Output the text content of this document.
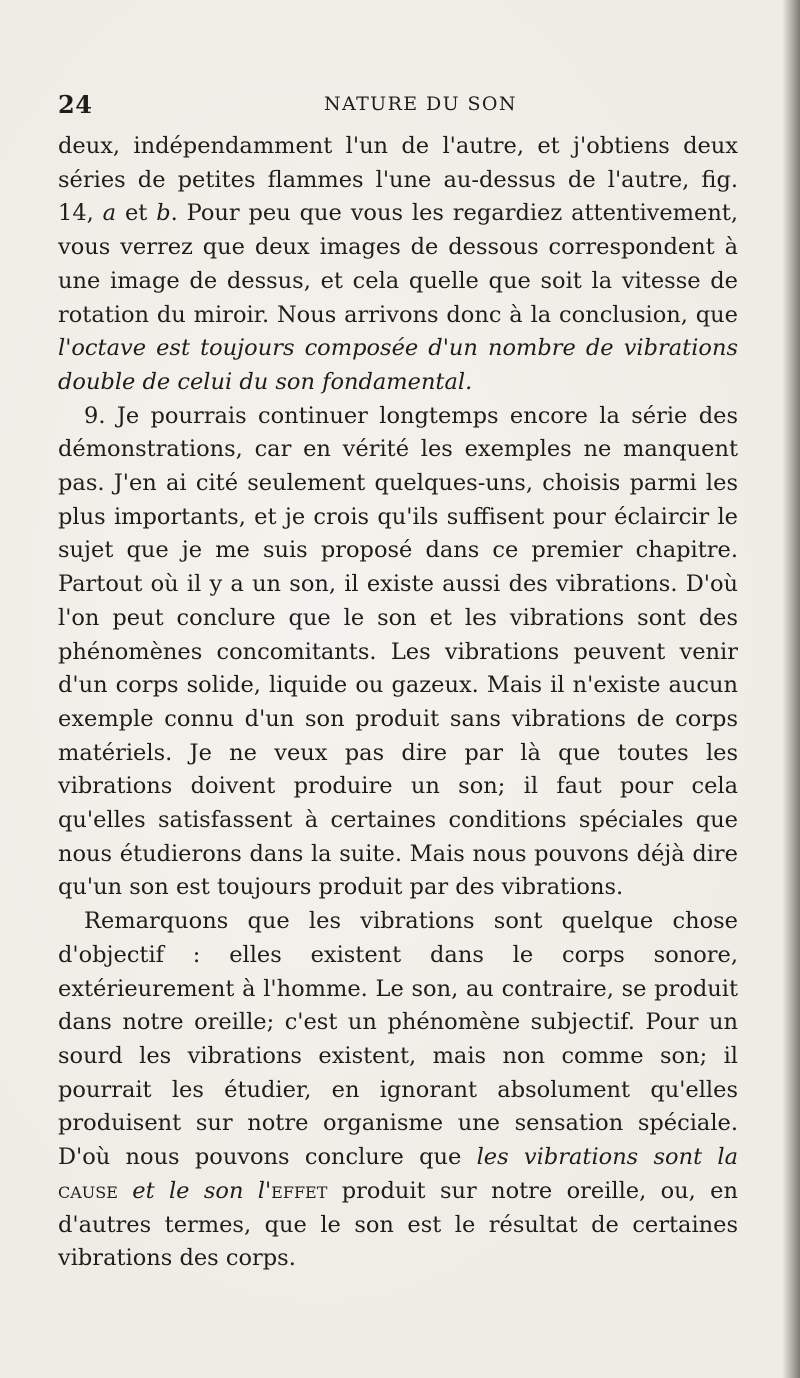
24	NATURE DU SON

deux, indépendamment l'un de l'autre, et j'obtiens deux séries de petites flammes l'une au-dessus de l'autre, fig. 14, a et b. Pour peu que vous les regardiez attentivement, vous verrez que deux images de dessous correspondent à une image de dessus, et cela quelle que soit la vitesse de rotation du miroir. Nous arrivons donc à la conclusion, que l'octave est toujours composée d'un nombre de vibrations double de celui du son fondamental.

9. Je pourrais continuer longtemps encore la série des démonstrations, car en vérité les exemples ne manquent pas. J'en ai cité seulement quelques-uns, choisis parmi les plus importants, et je crois qu'ils suffisent pour éclaircir le sujet que je me suis proposé dans ce premier chapitre. Partout où il y a un son, il existe aussi des vibrations. D'où l'on peut conclure que le son et les vibrations sont des phénomènes concomitants. Les vibrations peuvent venir d'un corps solide, liquide ou gazeux. Mais il n'existe aucun exemple connu d'un son produit sans vibrations de corps matériels. Je ne veux pas dire par là que toutes les vibrations doivent produire un son; il faut pour cela qu'elles satisfassent à certaines conditions spéciales que nous étudierons dans la suite. Mais nous pouvons déjà dire qu'un son est toujours produit par des vibrations.

Remarquons que les vibrations sont quelque chose d'objectif : elles existent dans le corps sonore, extérieurement à l'homme. Le son, au contraire, se produit dans notre oreille; c'est un phénomène subjectif. Pour un sourd les vibrations existent, mais non comme son; il pourrait les étudier, en ignorant absolument qu'elles produisent sur notre organisme une sensation spéciale. D'où nous pouvons conclure que les vibrations sont la cause et le son l'effet produit sur notre oreille, ou, en d'autres termes, que le son est le résultat de certaines vibrations des corps.
